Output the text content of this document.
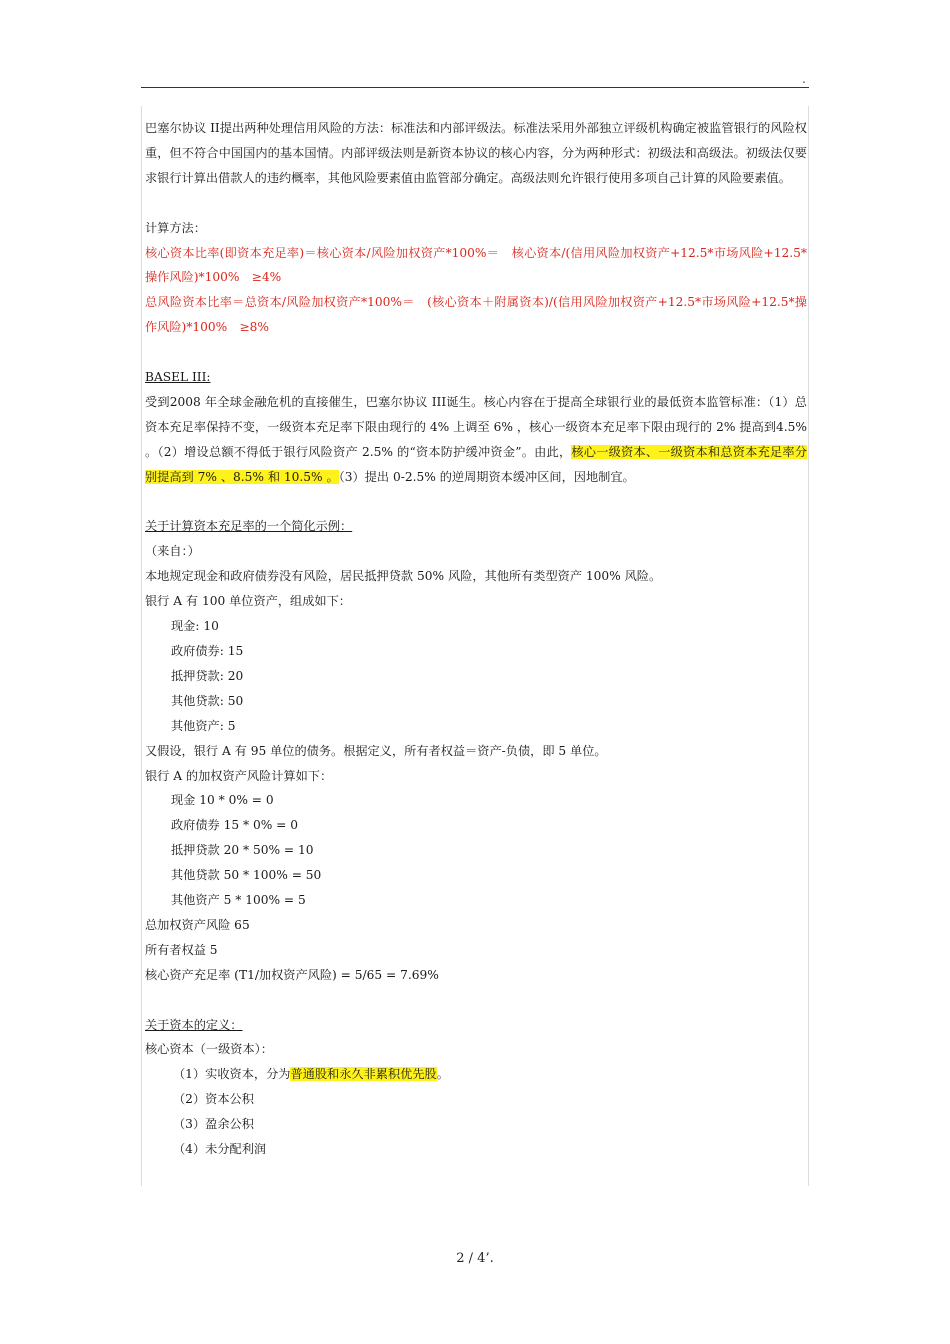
.

巴塞尔协议 II提出两种处理信用风险的方法：标准法和内部评级法。标准法采用外部独立评级机构确定被监管银行的风险权重，但不符合中国国内的基本国情。内部评级法则是新资本协议的核心内容，分为两种形式：初级法和高级法。初级法仅要求银行计算出借款人的违约概率，其他风险要素值由监管部分确定。高级法则允许银行使用多项自己计算的风险要素值。

计算方法：

核心资本比率(即资本充足率)＝核心资本/风险加权资产*100%＝　核心资本/(信用风险加权资产+12.5*市场风险+12.5*操作风险)*100%　≥4%

总风险资本比率＝总资本/风险加权资产*100%＝　(核心资本＋附属资本)/(信用风险加权资产+12.5*市场风险+12.5*操作风险)*100%　≥8%

BASEL III:

受到2008 年全球金融危机的直接催生，巴塞尔协议 III诞生。核心内容在于提高全球银行业的最低资本监管标准：（1）总资本充足率保持不变，一级资本充足率下限由现行的 4% 上调至 6% ，核心一级资本充足率下限由现行的 2% 提高到4.5% 。（2）增设总额不得低于银行风险资产 2.5% 的“资本防护缓冲资金”。由此，核心一级资本、一级资本和总资本充足率分别提高到 7% 、8.5% 和 10.5% 。（3）提出 0-2.5% 的逆周期资本缓冲区间，因地制宜。

关于计算资本充足率的一个简化示例：

（来自：）

本地规定现金和政府债券没有风险，居民抵押贷款 50% 风险，其他所有类型资产 100% 风险。

银行 A 有 100 单位资产，组成如下：

现金: 10

政府债券: 15

抵押贷款: 20

其他贷款: 50

其他资产: 5

又假设，银行 A 有 95 单位的债务。根据定义，所有者权益＝资产-负债，即 5 单位。

银行 A 的加权资产风险计算如下：

现金 10 * 0% = 0

政府债券 15 * 0% = 0

抵押贷款 20 * 50% = 10

其他贷款 50 * 100% = 50

其他资产 5 * 100% = 5

总加权资产风险 65

所有者权益 5

核心资产充足率 (T1/加权资产风险) = 5/65 = 7.69%

关于资本的定义：

核心资本（一级资本）：

（1）实收资本，分为普通股和永久非累积优先股。

（2）资本公积

（3）盈余公积

（4）未分配利润

2 / 4’.
